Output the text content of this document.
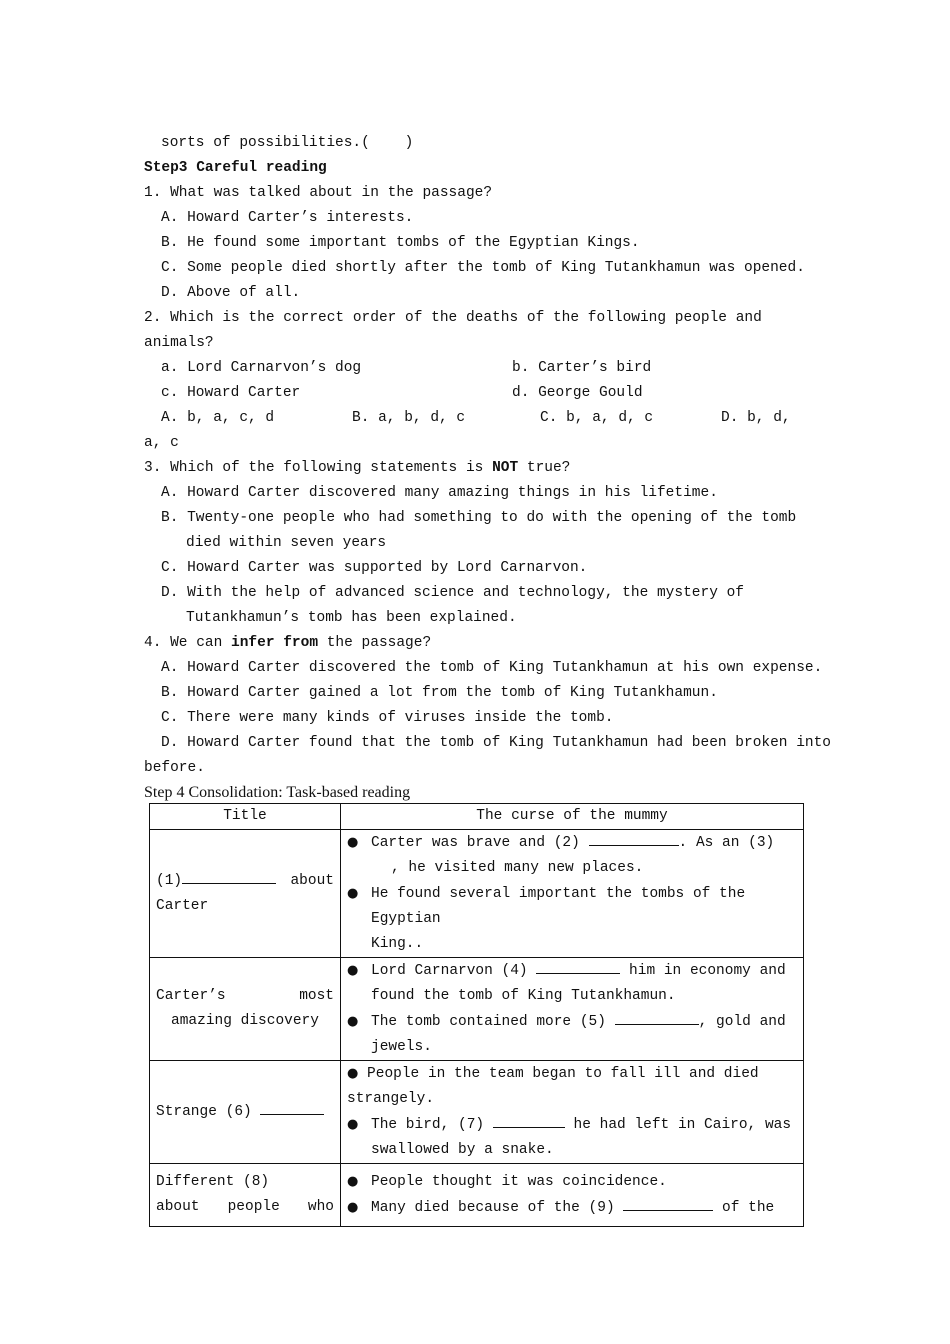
sorts of possibilities.(    )
Step3 Careful reading
1. What was talked about in the passage?
A. Howard Carter’s interests.
B. He found some important tombs of the Egyptian Kings.
C. Some people died shortly after the tomb of King Tutankhamun was opened.
D. Above of all.
2. Which is the correct order of the deaths of the following people and
animals?
a. Lord Carnarvon’s dog	b. Carter’s bird
c. Howard Carter	d. George Gould
A. b, a, c, d	B. a, b, d, c	C. b, a, d, c	D. b, d,
a, c
3. Which of the following statements is NOT true?
A. Howard Carter discovered many amazing things in his lifetime.
B. Twenty-one people who had something to do with the opening of the tomb
died within seven years
C. Howard Carter was supported by Lord Carnarvon.
D. With the help of advanced science and technology, the mystery of
Tutankhamun’s tomb has been explained.
4. We can infer from the passage?
A. Howard Carter discovered the tomb of King Tutankhamun at his own expense.
B. Howard Carter gained a lot from the tomb of King Tutankhamun.
C. There were many kinds of viruses inside the tomb.
D. Howard Carter found that the tomb of King Tutankhamun had been broken into
before.
Step 4 Consolidation: Task-based reading
Title	The curse of the mummy

(1) about
Carter	● Carter was brave and (2) . As an (3)
, he visited many new places.
● He found several important the tombs of the
Egyptian
King..

Carter’s most
amazing discovery	● Lord Carnarvon (4) him in economy and
found the tomb of King Tutankhamun.
● The tomb contained more (5) , gold and
jewels.

Strange (6)	● People in the team began to fall ill and died
strangely.
● The bird, (7) he had left in Cairo, was
swallowed by a snake.

Different (8)
about people who	● People thought it was coincidence.
● Many died because of the (9) of the
